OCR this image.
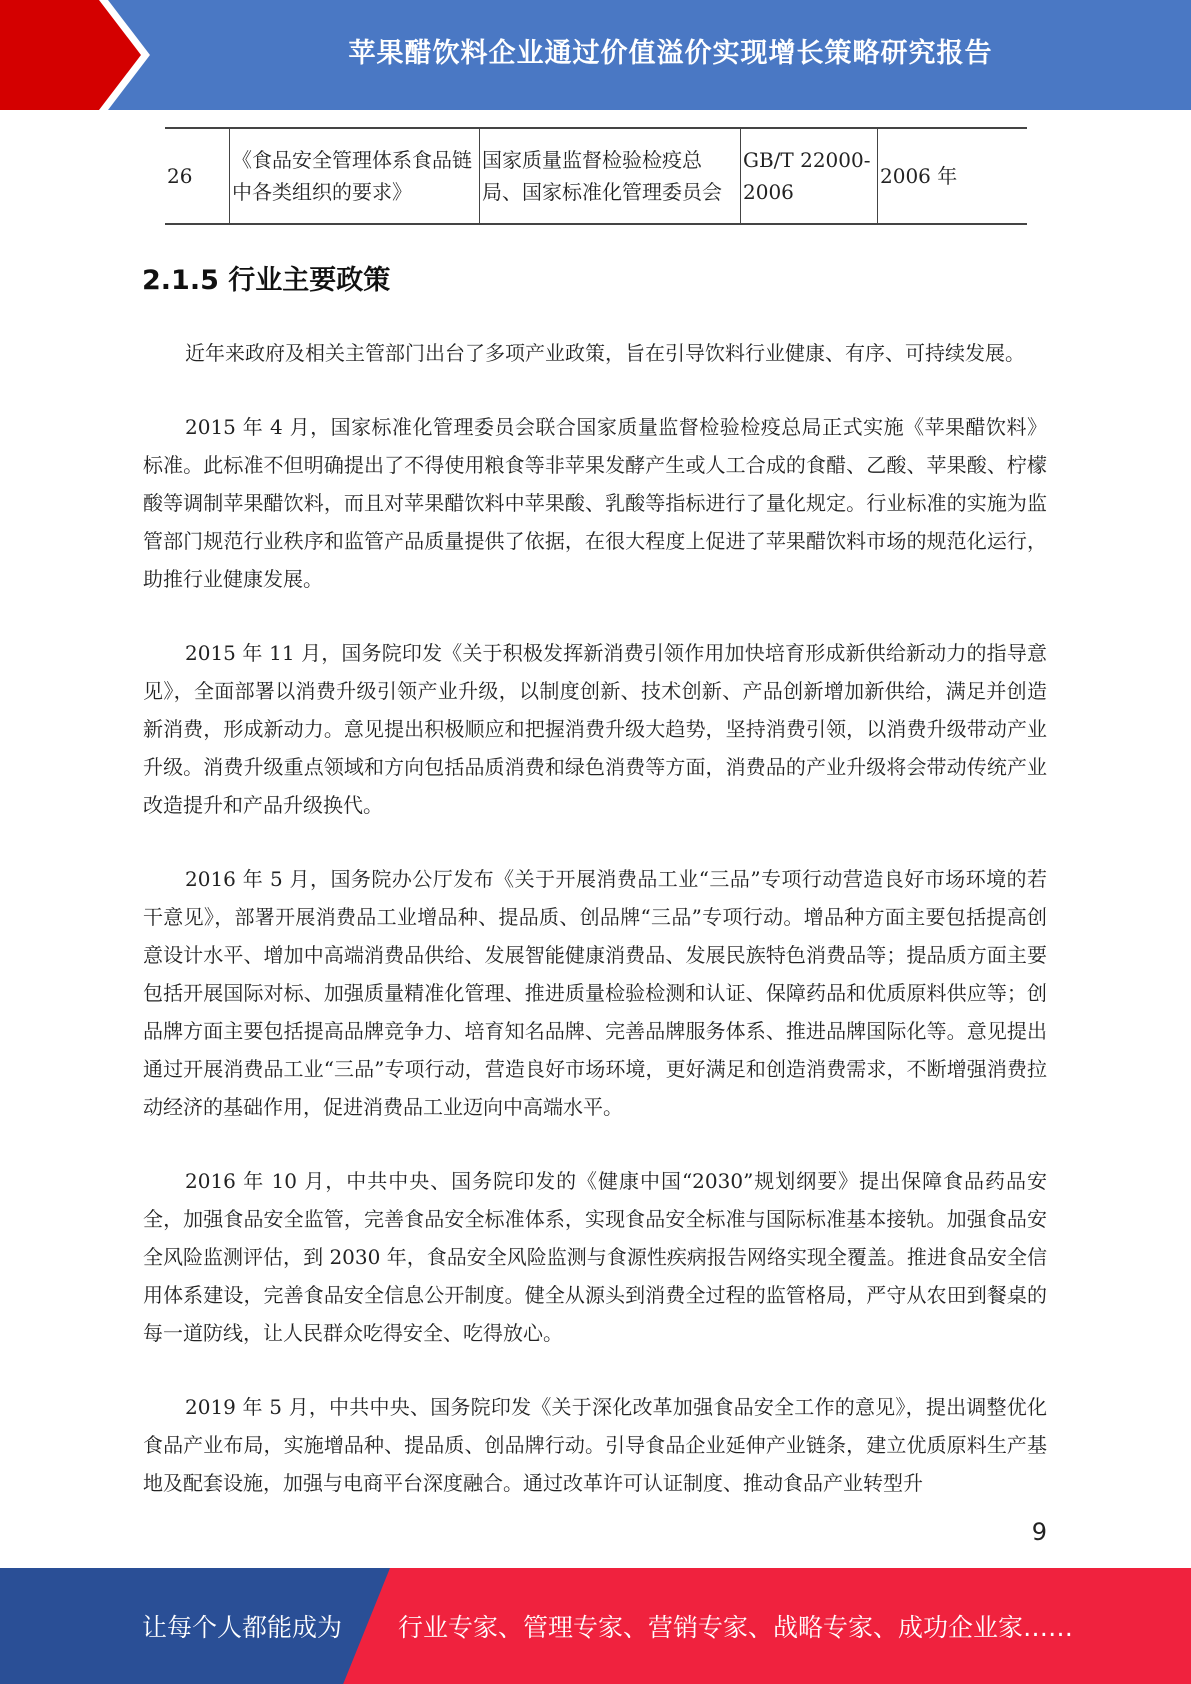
苹果醋饮料企业通过价值溢价实现增长策略研究报告
26	《食品安全管理体系食品链中各类组织的要求》	国家质量监督检验检疫总局、国家标准化管理委员会	GB/T 22000-2006	2006 年
2.1.5 行业主要政策

近年来政府及相关主管部门出台了多项产业政策，旨在引导饮料行业健康、有序、可持续发展。

2015 年 4 月，国家标准化管理委员会联合国家质量监督检验检疫总局正式实施《苹果醋饮料》标准。此标准不但明确提出了不得使用粮食等非苹果发酵产生或人工合成的食醋、乙酸、苹果酸、柠檬酸等调制苹果醋饮料，而且对苹果醋饮料中苹果酸、乳酸等指标进行了量化规定。行业标准的实施为监管部门规范行业秩序和监管产品质量提供了依据，在很大程度上促进了苹果醋饮料市场的规范化运行，助推行业健康发展。

2015 年 11 月，国务院印发《关于积极发挥新消费引领作用加快培育形成新供给新动力的指导意见》，全面部署以消费升级引领产业升级，以制度创新、技术创新、产品创新增加新供给，满足并创造新消费，形成新动力。意见提出积极顺应和把握消费升级大趋势，坚持消费引领，以消费升级带动产业升级。消费升级重点领域和方向包括品质消费和绿色消费等方面，消费品的产业升级将会带动传统产业改造提升和产品升级换代。

2016 年 5 月，国务院办公厅发布《关于开展消费品工业“三品”专项行动营造良好市场环境的若干意见》，部署开展消费品工业增品种、提品质、创品牌“三品”专项行动。增品种方面主要包括提高创意设计水平、增加中高端消费品供给、发展智能健康消费品、发展民族特色消费品等；提品质方面主要包括开展国际对标、加强质量精准化管理、推进质量检验检测和认证、保障药品和优质原料供应等；创品牌方面主要包括提高品牌竞争力、培育知名品牌、完善品牌服务体系、推进品牌国际化等。意见提出通过开展消费品工业“三品”专项行动，营造良好市场环境，更好满足和创造消费需求，不断增强消费拉动经济的基础作用，促进消费品工业迈向中高端水平。

2016 年 10 月，中共中央、国务院印发的《健康中国“2030”规划纲要》提出保障食品药品安全，加强食品安全监管，完善食品安全标准体系，实现食品安全标准与国际标准基本接轨。加强食品安全风险监测评估，到 2030 年，食品安全风险监测与食源性疾病报告网络实现全覆盖。推进食品安全信用体系建设，完善食品安全信息公开制度。健全从源头到消费全过程的监管格局，严守从农田到餐桌的每一道防线，让人民群众吃得安全、吃得放心。

2019 年 5 月，中共中央、国务院印发《关于深化改革加强食品安全工作的意见》，提出调整优化食品产业布局，实施增品种、提品质、创品牌行动。引导食品企业延伸产业链条，建立优质原料生产基地及配套设施，加强与电商平台深度融合。通过改革许可认证制度、推动食品产业转型升

9
让每个人都能成为 行业专家、管理专家、营销专家、战略专家、成功企业家……
